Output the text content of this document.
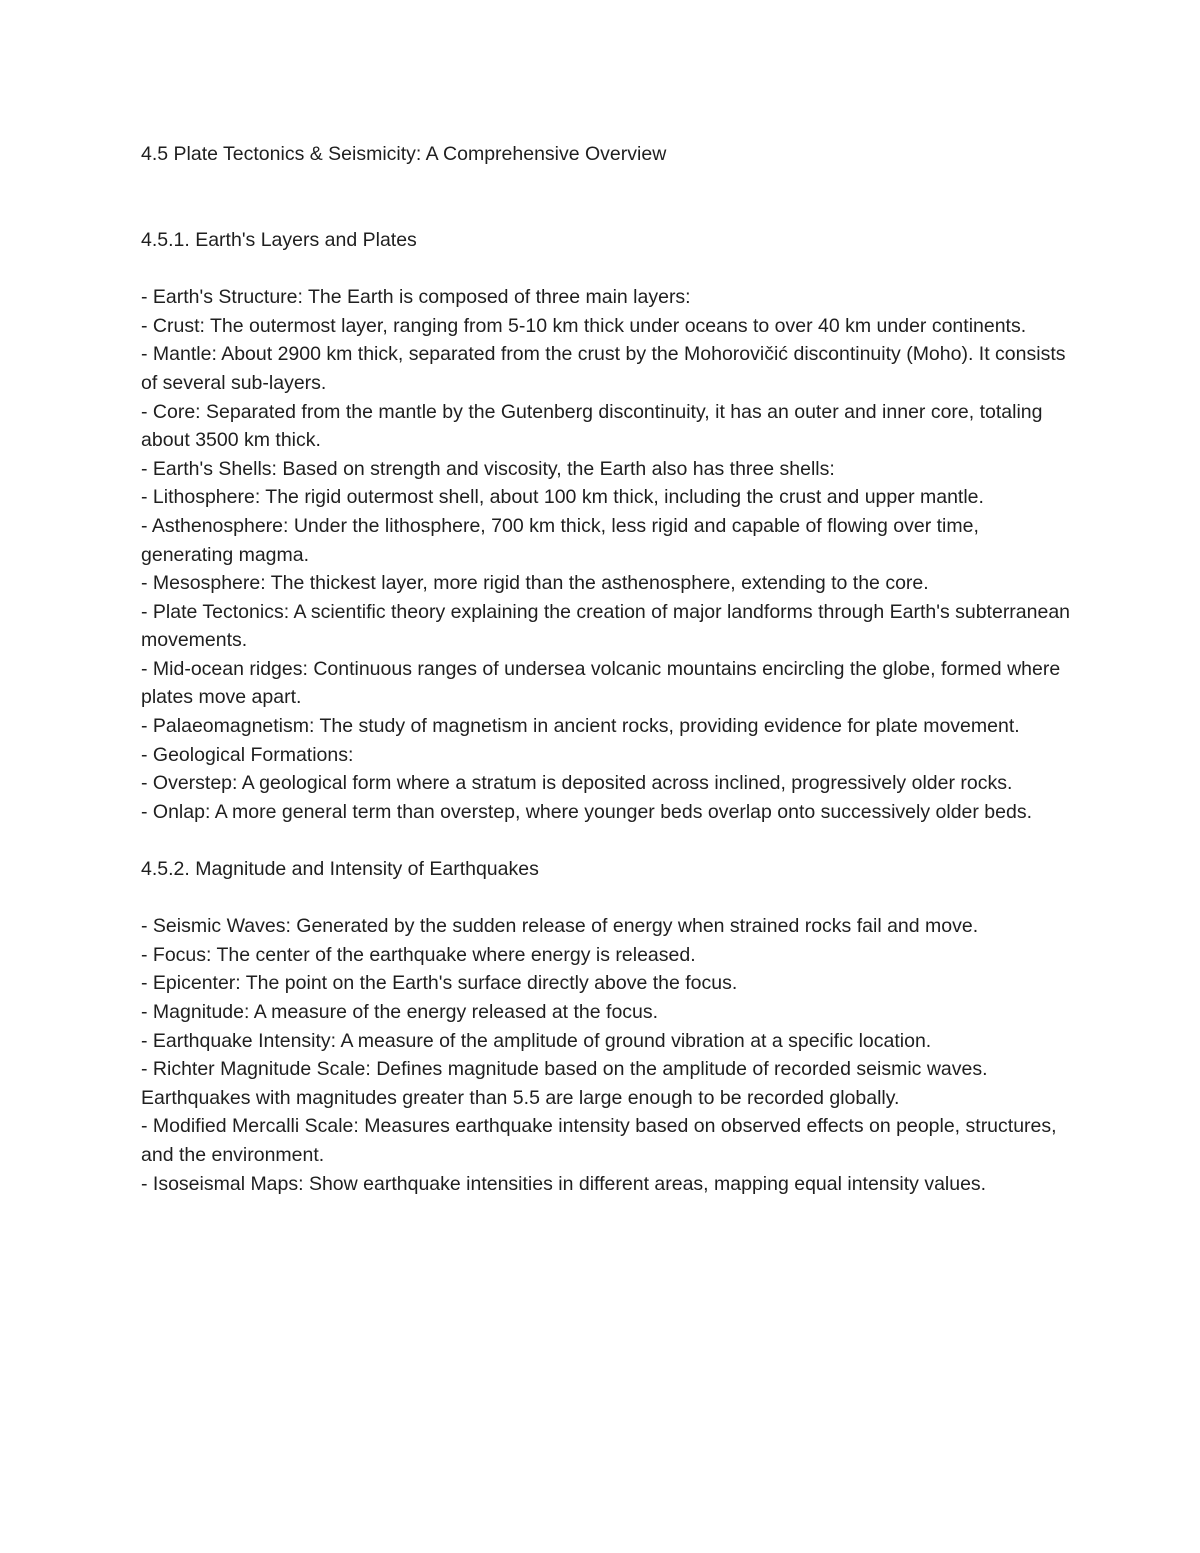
4.5 Plate Tectonics & Seismicity: A Comprehensive Overview
4.5.1. Earth's Layers and Plates

- Earth's Structure: The Earth is composed of three main layers:

- Crust: The outermost layer, ranging from 5-10 km thick under oceans to over 40 km under continents.

- Mantle: About 2900 km thick, separated from the crust by the Mohorovičić discontinuity (Moho). It consists of several sub-layers.

- Core: Separated from the mantle by the Gutenberg discontinuity, it has an outer and inner core, totaling about 3500 km thick.

- Earth's Shells: Based on strength and viscosity, the Earth also has three shells:

- Lithosphere: The rigid outermost shell, about 100 km thick, including the crust and upper mantle.

- Asthenosphere: Under the lithosphere, 700 km thick, less rigid and capable of flowing over time, generating magma.

- Mesosphere: The thickest layer, more rigid than the asthenosphere, extending to the core.

- Plate Tectonics: A scientific theory explaining the creation of major landforms through Earth's subterranean movements.

- Mid-ocean ridges: Continuous ranges of undersea volcanic mountains encircling the globe, formed where plates move apart.

- Palaeomagnetism: The study of magnetism in ancient rocks, providing evidence for plate movement.

- Geological Formations:

- Overstep: A geological form where a stratum is deposited across inclined, progressively older rocks.

- Onlap: A more general term than overstep, where younger beds overlap onto successively older beds.

4.5.2. Magnitude and Intensity of Earthquakes

- Seismic Waves: Generated by the sudden release of energy when strained rocks fail and move.

- Focus: The center of the earthquake where energy is released.

- Epicenter: The point on the Earth's surface directly above the focus.

- Magnitude: A measure of the energy released at the focus.

- Earthquake Intensity: A measure of the amplitude of ground vibration at a specific location.

- Richter Magnitude Scale: Defines magnitude based on the amplitude of recorded seismic waves. Earthquakes with magnitudes greater than 5.5 are large enough to be recorded globally.

- Modified Mercalli Scale: Measures earthquake intensity based on observed effects on people, structures, and the environment.

- Isoseismal Maps: Show earthquake intensities in different areas, mapping equal intensity values.
